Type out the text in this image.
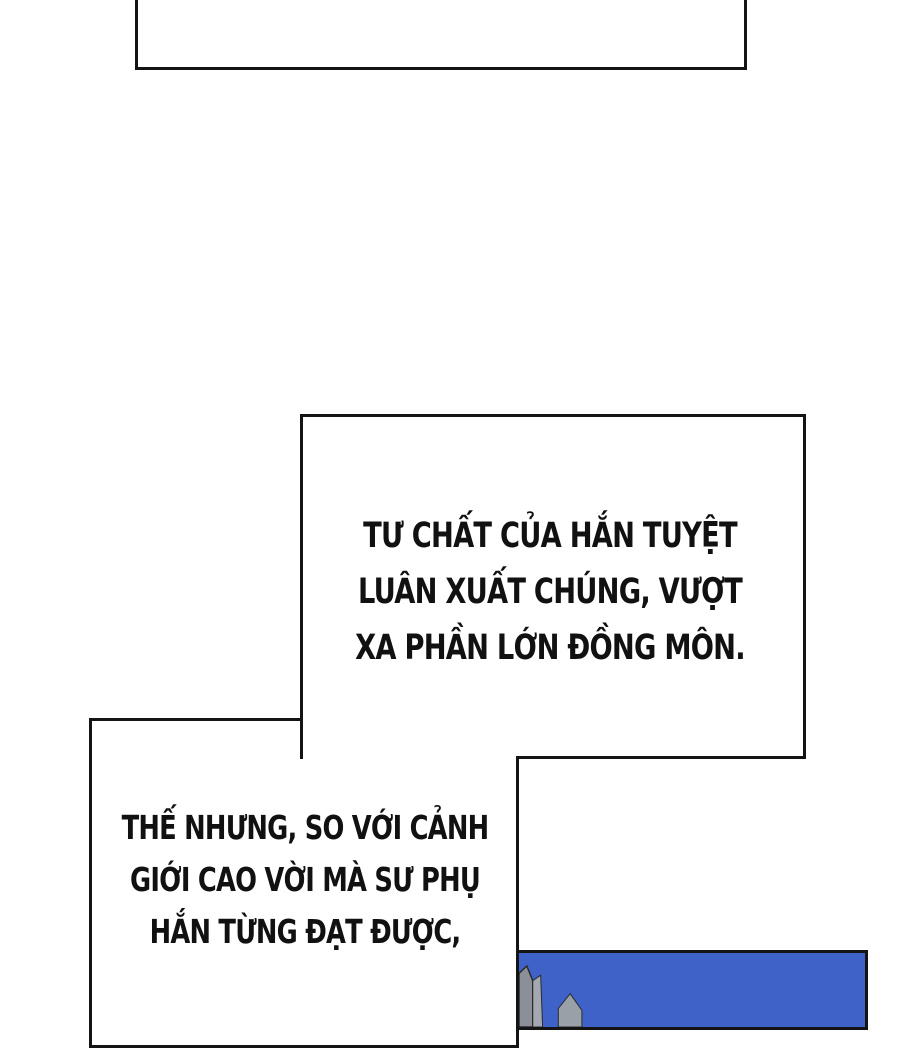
TƯ CHẤT CỦA HẮN TUYỆT
LUÂN XUẤT CHÚNG, VƯỢT
XA PHẦN LỚN ĐỒNG MÔN.
THẾ NHƯNG, SO VỚI CẢNH
GIỚI CAO VỜI MÀ SƯ PHỤ
HẮN TỪNG ĐẠT ĐƯỢC,
